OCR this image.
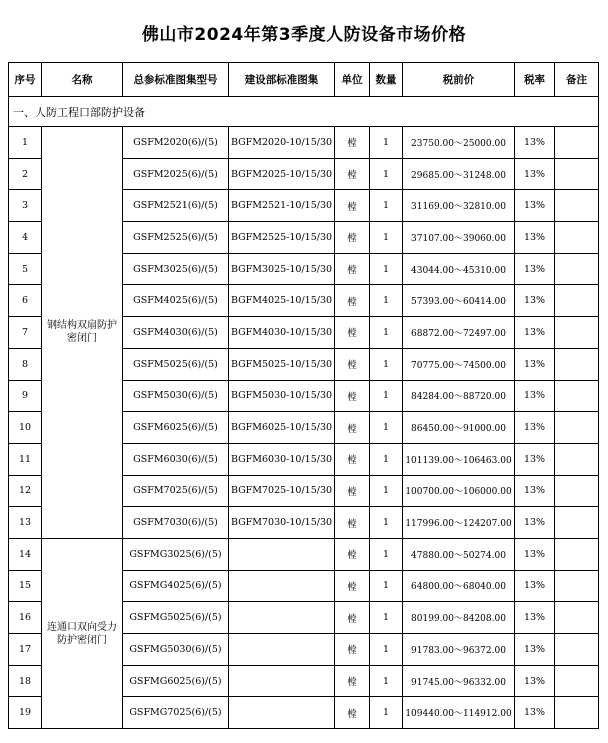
佛山市2024年第3季度人防设备市场价格
序号	名称	总参标准图集型号	建设部标准图集	单位	数量	税前价	税率	备注
一、人防工程口部防护设备								
1	钢结构双扇防护密闭门	GSFM2020(6)/(5)	BGFM2020-10/15/30	樘	1	23750.00～25000.00	13%	
2		GSFM2025(6)/(5)	BGFM2025-10/15/30	樘	1	29685.00～31248.00	13%	
3		GSFM2521(6)/(5)	BGFM2521-10/15/30	樘	1	31169.00～32810.00	13%	
4		GSFM2525(6)/(5)	BGFM2525-10/15/30	樘	1	37107.00～39060.00	13%	
5		GSFM3025(6)/(5)	BGFM3025-10/15/30	樘	1	43044.00～45310.00	13%	
6		GSFM4025(6)/(5)	BGFM4025-10/15/30	樘	1	57393.00～60414.00	13%	
7		GSFM4030(6)/(5)	BGFM4030-10/15/30	樘	1	68872.00～72497.00	13%	
8		GSFM5025(6)/(5)	BGFM5025-10/15/30	樘	1	70775.00～74500.00	13%	
9		GSFM5030(6)/(5)	BGFM5030-10/15/30	樘	1	84284.00～88720.00	13%	
10		GSFM6025(6)/(5)	BGFM6025-10/15/30	樘	1	86450.00～91000.00	13%	
11		GSFM6030(6)/(5)	BGFM6030-10/15/30	樘	1	101139.00～106463.00	13%	
12		GSFM7025(6)/(5)	BGFM7025-10/15/30	樘	1	100700.00～106000.00	13%	
13		GSFM7030(6)/(5)	BGFM7030-10/15/30	樘	1	117996.00～124207.00	13%	
14	连通口双向受力防护密闭门	GSFMG3025(6)/(5)		樘	1	47880.00～50274.00	13%	
15		GSFMG4025(6)/(5)		樘	1	64800.00～68040.00	13%	
16		GSFMG5025(6)/(5)		樘	1	80199.00～84208.00	13%	
17		GSFMG5030(6)/(5)		樘	1	91783.00～96372.00	13%	
18		GSFMG6025(6)/(5)		樘	1	91745.00～96332.00	13%	
19		GSFMG7025(6)/(5)		樘	1	109440.00～114912.00	13%	
